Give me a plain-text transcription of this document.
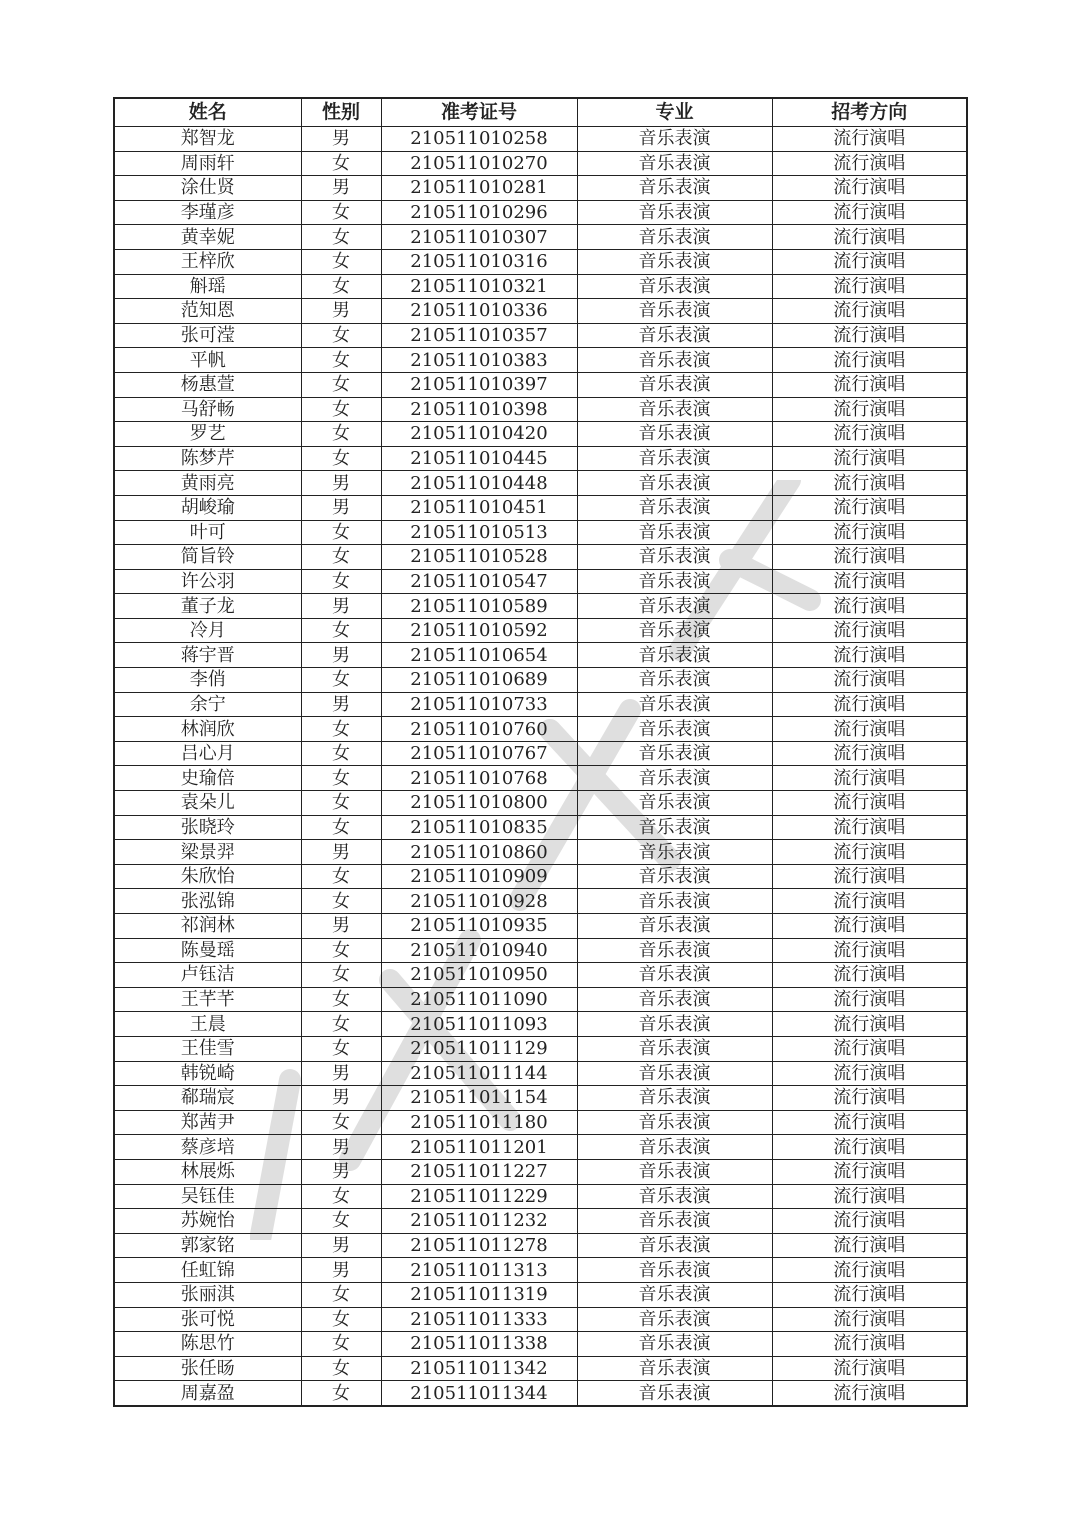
姓名	性别	准考证号	专业	招考方向
郑智龙	男	210511010258	音乐表演	流行演唱
周雨轩	女	210511010270	音乐表演	流行演唱
涂仕贤	男	210511010281	音乐表演	流行演唱
李瑾彦	女	210511010296	音乐表演	流行演唱
黄幸妮	女	210511010307	音乐表演	流行演唱
王梓欣	女	210511010316	音乐表演	流行演唱
斛瑶	女	210511010321	音乐表演	流行演唱
范知恩	男	210511010336	音乐表演	流行演唱
张可滢	女	210511010357	音乐表演	流行演唱
平帆	女	210511010383	音乐表演	流行演唱
杨惠萱	女	210511010397	音乐表演	流行演唱
马舒畅	女	210511010398	音乐表演	流行演唱
罗艺	女	210511010420	音乐表演	流行演唱
陈梦芹	女	210511010445	音乐表演	流行演唱
黄雨亮	男	210511010448	音乐表演	流行演唱
胡峻瑜	男	210511010451	音乐表演	流行演唱
叶可	女	210511010513	音乐表演	流行演唱
简旨铃	女	210511010528	音乐表演	流行演唱
许公羽	女	210511010547	音乐表演	流行演唱
董子龙	男	210511010589	音乐表演	流行演唱
冷月	女	210511010592	音乐表演	流行演唱
蒋宇晋	男	210511010654	音乐表演	流行演唱
李俏	女	210511010689	音乐表演	流行演唱
余宁	男	210511010733	音乐表演	流行演唱
林润欣	女	210511010760	音乐表演	流行演唱
吕心月	女	210511010767	音乐表演	流行演唱
史瑜倍	女	210511010768	音乐表演	流行演唱
袁朵儿	女	210511010800	音乐表演	流行演唱
张晓玲	女	210511010835	音乐表演	流行演唱
梁景羿	男	210511010860	音乐表演	流行演唱
朱欣怡	女	210511010909	音乐表演	流行演唱
张泓锦	女	210511010928	音乐表演	流行演唱
祁润林	男	210511010935	音乐表演	流行演唱
陈曼瑶	女	210511010940	音乐表演	流行演唱
卢钰洁	女	210511010950	音乐表演	流行演唱
王芊芊	女	210511011090	音乐表演	流行演唱
王晨	女	210511011093	音乐表演	流行演唱
王佳雪	女	210511011129	音乐表演	流行演唱
韩锐崎	男	210511011144	音乐表演	流行演唱
郗瑞宸	男	210511011154	音乐表演	流行演唱
郑茜尹	女	210511011180	音乐表演	流行演唱
蔡彦培	男	210511011201	音乐表演	流行演唱
林展烁	男	210511011227	音乐表演	流行演唱
吴钰佳	女	210511011229	音乐表演	流行演唱
苏婉怡	女	210511011232	音乐表演	流行演唱
郭家铭	男	210511011278	音乐表演	流行演唱
任虹锦	男	210511011313	音乐表演	流行演唱
张丽淇	女	210511011319	音乐表演	流行演唱
张可悦	女	210511011333	音乐表演	流行演唱
陈思竹	女	210511011338	音乐表演	流行演唱
张任旸	女	210511011342	音乐表演	流行演唱
周嘉盈	女	210511011344	音乐表演	流行演唱
